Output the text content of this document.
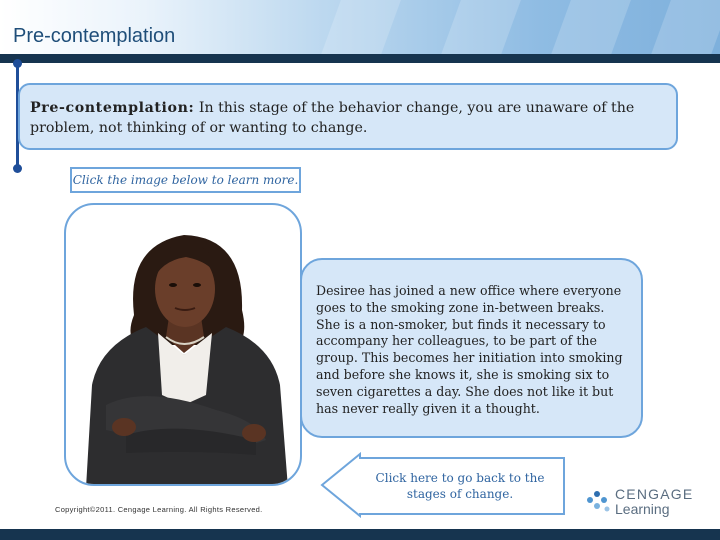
Pre-contemplation
Pre-contemplation: In this stage of the behavior change, you are unaware of the problem, not thinking of or wanting to change.
Click the image below to learn more.
Desiree has joined a new office where everyone goes to the smoking zone in-between breaks. She is a non-smoker, but finds it necessary to accompany her colleagues, to be part of the group. This becomes her initiation into smoking and before she knows it, she is smoking six to seven cigarettes a day. She does not like it but has never really given it a thought.
Click here to go back to the stages of change.
Copyright©2011. Cengage Learning. All Rights Reserved.
CENGAGE
Learning
